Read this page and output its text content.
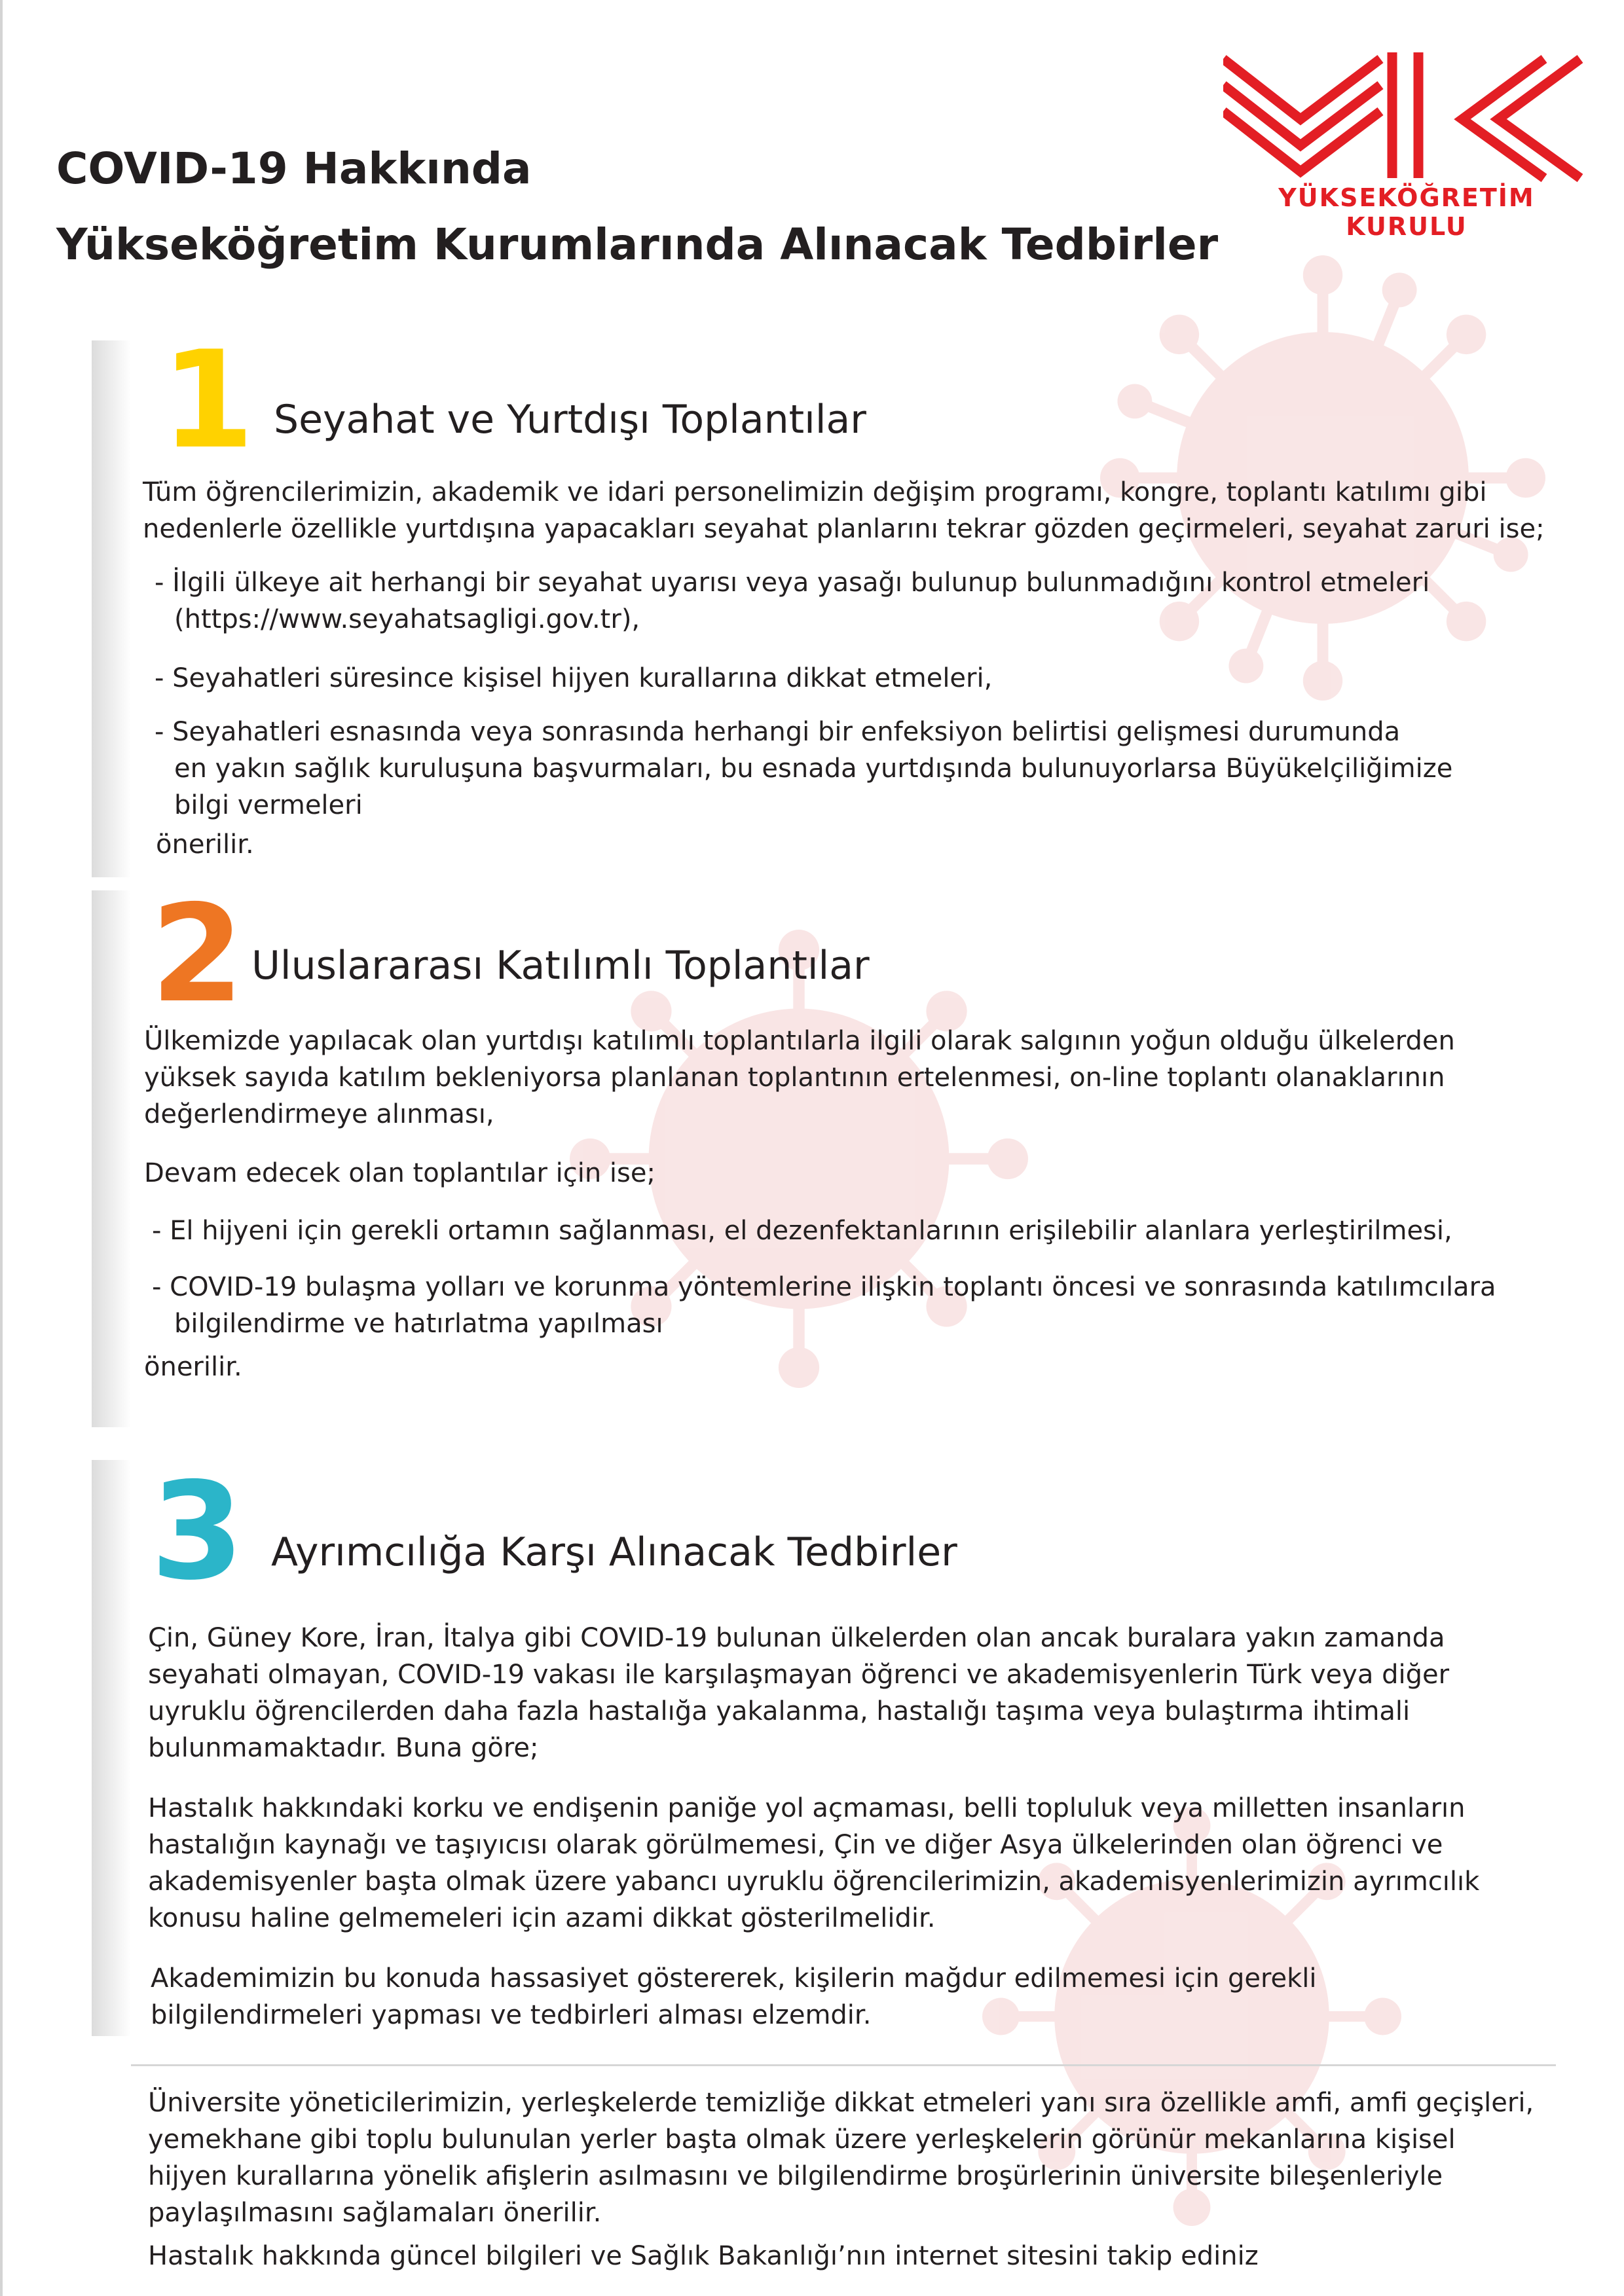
YÜKSEKÖĞRETİM KURULU
COVID-19 Hakkında
Yükseköğretim Kurumlarında Alınacak Tedbirler
1 Seyahat ve Yurtdışı Toplantılar
Tüm öğrencilerimizin, akademik ve idari personelimizin değişim programı, kongre, toplantı katılımı gibi
nedenlerle özellikle yurtdışına yapacakları seyahat planlarını tekrar gözden geçirmeleri, seyahat zaruri ise;
- İlgili ülkeye ait herhangi bir seyahat uyarısı veya yasağı bulunup bulunmadığını kontrol etmeleri
(https://www.seyahatsagligi.gov.tr),
- Seyahatleri süresince kişisel hijyen kurallarına dikkat etmeleri,
- Seyahatleri esnasında veya sonrasında herhangi bir enfeksiyon belirtisi gelişmesi durumunda
en yakın sağlık kuruluşuna başvurmaları, bu esnada yurtdışında bulunuyorlarsa Büyükelçiliğimize
bilgi vermeleri
önerilir.
2 Uluslararası Katılımlı Toplantılar
Ülkemizde yapılacak olan yurtdışı katılımlı toplantılarla ilgili olarak salgının yoğun olduğu ülkelerden
yüksek sayıda katılım bekleniyorsa planlanan toplantının ertelenmesi, on-line toplantı olanaklarının
değerlendirmeye alınması,
Devam edecek olan toplantılar için ise;
- El hijyeni için gerekli ortamın sağlanması, el dezenfektanlarının erişilebilir alanlara yerleştirilmesi,
- COVID-19 bulaşma yolları ve korunma yöntemlerine ilişkin toplantı öncesi ve sonrasında katılımcılara
bilgilendirme ve hatırlatma yapılması
önerilir.
3 Ayrımcılığa Karşı Alınacak Tedbirler
Çin, Güney Kore, İran, İtalya gibi COVID-19 bulunan ülkelerden olan ancak buralara yakın zamanda
seyahati olmayan, COVID-19 vakası ile karşılaşmayan öğrenci ve akademisyenlerin Türk veya diğer
uyruklu öğrencilerden daha fazla hastalığa yakalanma, hastalığı taşıma veya bulaştırma ihtimali
bulunmamaktadır. Buna göre;
Hastalık hakkındaki korku ve endişenin paniğe yol açmaması, belli topluluk veya milletten insanların
hastalığın kaynağı ve taşıyıcısı olarak görülmemesi, Çin ve diğer Asya ülkelerinden olan öğrenci ve
akademisyenler başta olmak üzere yabancı uyruklu öğrencilerimizin, akademisyenlerimizin ayrımcılık
konusu haline gelmemeleri için azami dikkat gösterilmelidir.
Akademimizin bu konuda hassasiyet göstererek, kişilerin mağdur edilmemesi için gerekli
bilgilendirmeleri yapması ve tedbirleri alması elzemdir.
Üniversite yöneticilerimizin, yerleşkelerde temizliğe dikkat etmeleri yanı sıra özellikle amfi, amfi geçişleri,
yemekhane gibi toplu bulunulan yerler başta olmak üzere yerleşkelerin görünür mekanlarına kişisel
hijyen kurallarına yönelik afişlerin asılmasını ve bilgilendirme broşürlerinin üniversite bileşenleriyle
paylaşılmasını sağlamaları önerilir.
Hastalık hakkında güncel bilgileri ve Sağlık Bakanlığı’nın internet sitesini takip ediniz
